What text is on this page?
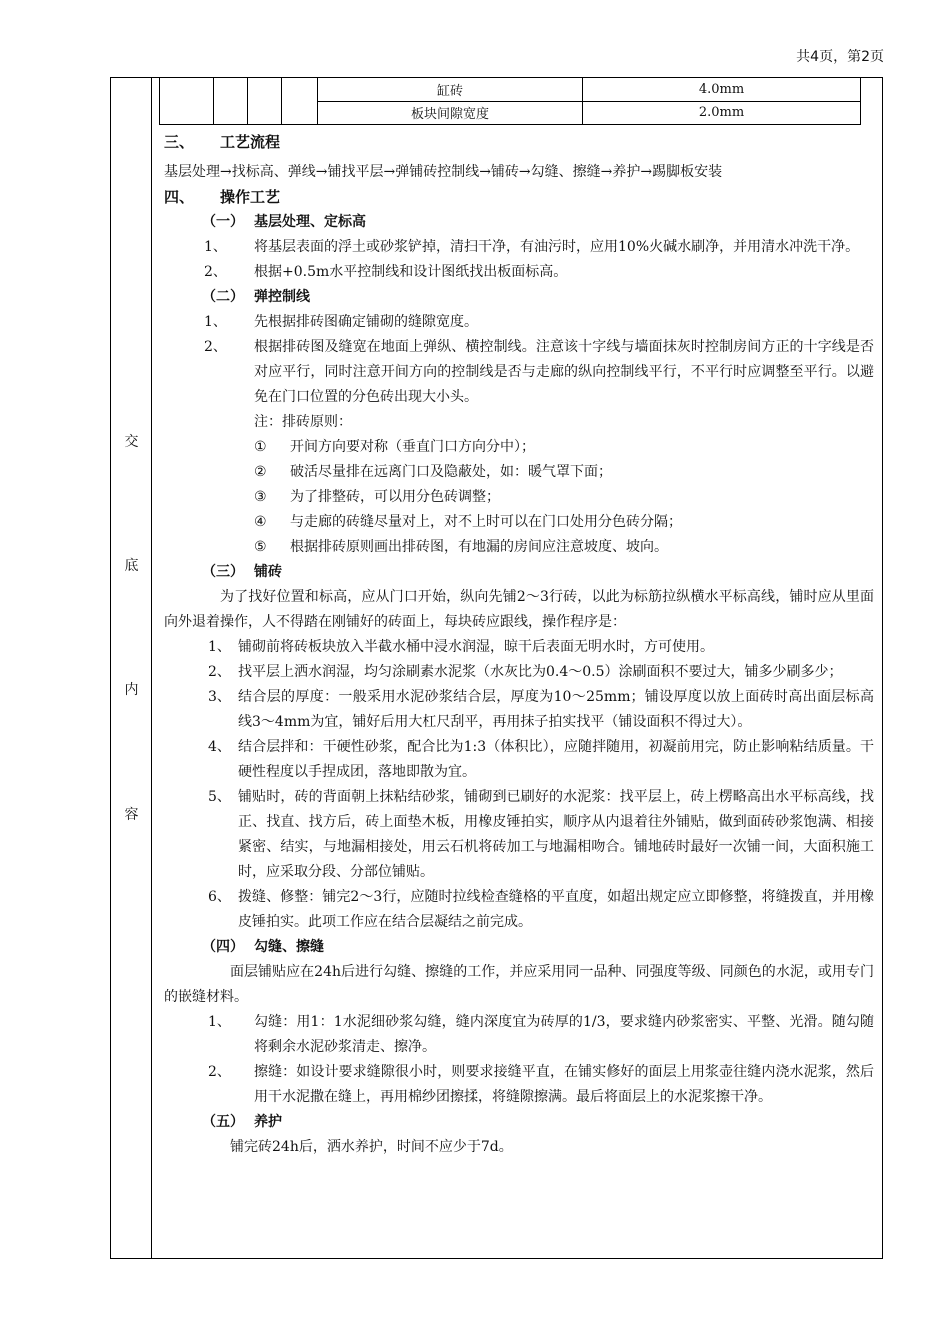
共4页，第2页
交
底
内
容
				缸砖	4.0mm
				板块间隙宽度	2.0mm
三、 工艺流程
基层处理→找标高、弹线→铺找平层→弹铺砖控制线→铺砖→勾缝、擦缝→养护→踢脚板安装
四、 操作工艺
（一） 基层处理、定标高
1、	将基层表面的浮土或砂浆铲掉，清扫干净，有油污时，应用10%火碱水刷净，并用清水冲洗干净。
2、	根据+0.5m水平控制线和设计图纸找出板面标高。
（二） 弹控制线
1、	先根据排砖图确定铺砌的缝隙宽度。
2、	根据排砖图及缝宽在地面上弹纵、横控制线。注意该十字线与墙面抹灰时控制房间方正的十字线是否对应平行，同时注意开间方向的控制线是否与走廊的纵向控制线平行，不平行时应调整至平行。以避免在门口位置的分色砖出现大小头。
注：排砖原则：
①	开间方向要对称（垂直门口方向分中）；
②	破活尽量排在远离门口及隐蔽处，如：暖气罩下面；
③	为了排整砖，可以用分色砖调整；
④	与走廊的砖缝尽量对上，对不上时可以在门口处用分色砖分隔；
⑤	根据排砖原则画出排砖图，有地漏的房间应注意坡度、坡向。
（三） 铺砖
为了找好位置和标高，应从门口开始，纵向先铺2～3行砖，以此为标筋拉纵横水平标高线，铺时应从里面向外退着操作，人不得踏在刚铺好的砖面上，每块砖应跟线，操作程序是：
1、 铺砌前将砖板块放入半截水桶中浸水润湿，晾干后表面无明水时，方可使用。
2、 找平层上洒水润湿，均匀涂刷素水泥浆（水灰比为0.4～0.5）涂刷面积不要过大，铺多少刷多少；
3、 结合层的厚度：一般采用水泥砂浆结合层，厚度为10～25mm；铺设厚度以放上面砖时高出面层标高线3～4mm为宜，铺好后用大杠尺刮平，再用抹子拍实找平（铺设面积不得过大）。
4、 结合层拌和：干硬性砂浆，配合比为1:3（体积比），应随拌随用，初凝前用完，防止影响粘结质量。干硬性程度以手捏成团，落地即散为宜。
5、 铺贴时，砖的背面朝上抹粘结砂浆，铺砌到已刷好的水泥浆：找平层上，砖上楞略高出水平标高线，找正、找直、找方后，砖上面垫木板，用橡皮锤拍实，顺序从内退着往外铺贴，做到面砖砂浆饱满、相接紧密、结实，与地漏相接处，用云石机将砖加工与地漏相吻合。铺地砖时最好一次铺一间，大面积施工时，应采取分段、分部位铺贴。
6、 拨缝、修整：铺完2～3行，应随时拉线检查缝格的平直度，如超出规定应立即修整，将缝拨直，并用橡皮锤拍实。此项工作应在结合层凝结之前完成。
（四） 勾缝、擦缝
面层铺贴应在24h后进行勾缝、擦缝的工作，并应采用同一品种、同强度等级、同颜色的水泥，或用专门的嵌缝材料。
1、	勾缝：用1：1水泥细砂浆勾缝，缝内深度宜为砖厚的1/3，要求缝内砂浆密实、平整、光滑。随勾随将剩余水泥砂浆清走、擦净。
2、	擦缝：如设计要求缝隙很小时，则要求接缝平直，在铺实修好的面层上用浆壶往缝内浇水泥浆，然后用干水泥撒在缝上，再用棉纱团擦揉，将缝隙擦满。最后将面层上的水泥浆擦干净。
（五） 养护
铺完砖24h后，洒水养护，时间不应少于7d。
